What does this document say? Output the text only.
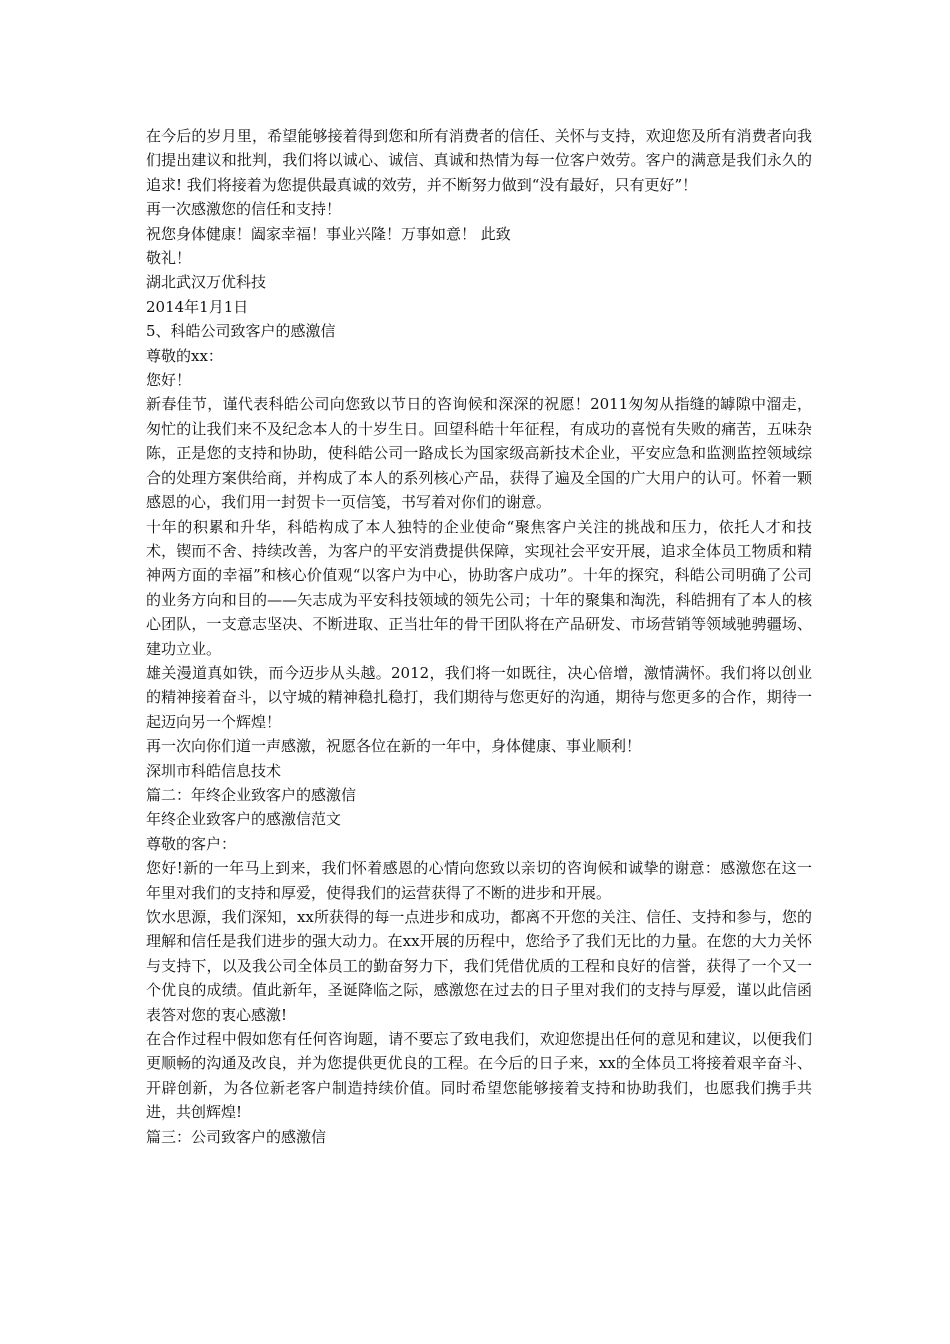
在今后的岁月里，希望能够接着得到您和所有消费者的信任、关怀与支持，欢迎您及所有消费者向我们提出建议和批判，我们将以诚心、诚信、真诚和热情为每一位客户效劳。客户的满意是我们永久的追求! 我们将接着为您提供最真诚的效劳，并不断努力做到“没有最好，只有更好”！

再一次感激您的信任和支持！

祝您身体健康！阖家幸福！事业兴隆！万事如意！ 此致

敬礼！

湖北武汉万优科技

2014年1月1日

5、科皓公司致客户的感激信

尊敬的xx：

您好！

新春佳节，谨代表科皓公司向您致以节日的咨询候和深深的祝愿！2011匆匆从指缝的罅隙中溜走，匆忙的让我们来不及纪念本人的十岁生日。回望科皓十年征程，有成功的喜悦有失败的痛苦，五味杂陈，正是您的支持和协助，使科皓公司一路成长为国家级高新技术企业，平安应急和监测监控领域综合的处理方案供给商，并构成了本人的系列核心产品，获得了遍及全国的广大用户的认可。怀着一颗感恩的心，我们用一封贺卡一页信笺，书写着对你们的谢意。

十年的积累和升华，科皓构成了本人独特的企业使命“聚焦客户关注的挑战和压力，依托人才和技术，锲而不舍、持续改善，为客户的平安消费提供保障，实现社会平安开展，追求全体员工物质和精神两方面的幸福”和核心价值观“以客户为中心，协助客户成功”。十年的探究，科皓公司明确了公司的业务方向和目的——矢志成为平安科技领域的领先公司；十年的聚集和淘洗，科皓拥有了本人的核心团队，一支意志坚决、不断进取、正当壮年的骨干团队将在产品研发、市场营销等领域驰骋疆场、建功立业。

雄关漫道真如铁，而今迈步从头越。2012，我们将一如既往，决心倍增，激情满怀。我们将以创业的精神接着奋斗，以守城的精神稳扎稳打，我们期待与您更好的沟通，期待与您更多的合作，期待一起迈向另一个辉煌！

再一次向你们道一声感激，祝愿各位在新的一年中，身体健康、事业顺利！

深圳市科皓信息技术

篇二：年终企业致客户的感激信

年终企业致客户的感激信范文

尊敬的客户：

您好!新的一年马上到来，我们怀着感恩的心情向您致以亲切的咨询候和诚挚的谢意：感激您在这一年里对我们的支持和厚爱，使得我们的运营获得了不断的进步和开展。

饮水思源，我们深知，xx所获得的每一点进步和成功，都离不开您的关注、信任、支持和参与，您的理解和信任是我们进步的强大动力。在xx开展的历程中，您给予了我们无比的力量。在您的大力关怀与支持下，以及我公司全体员工的勤奋努力下，我们凭借优质的工程和良好的信誉，获得了一个又一个优良的成绩。值此新年，圣诞降临之际，感激您在过去的日子里对我们的支持与厚爱，谨以此信函表答对您的衷心感激!

在合作过程中假如您有任何咨询题，请不要忘了致电我们，欢迎您提出任何的意见和建议，以便我们更顺畅的沟通及改良，并为您提供更优良的工程。在今后的日子来，xx的全体员工将接着艰辛奋斗、开辟创新，为各位新老客户制造持续价值。同时希望您能够接着支持和协助我们，也愿我们携手共进，共创辉煌!

篇三：公司致客户的感激信
